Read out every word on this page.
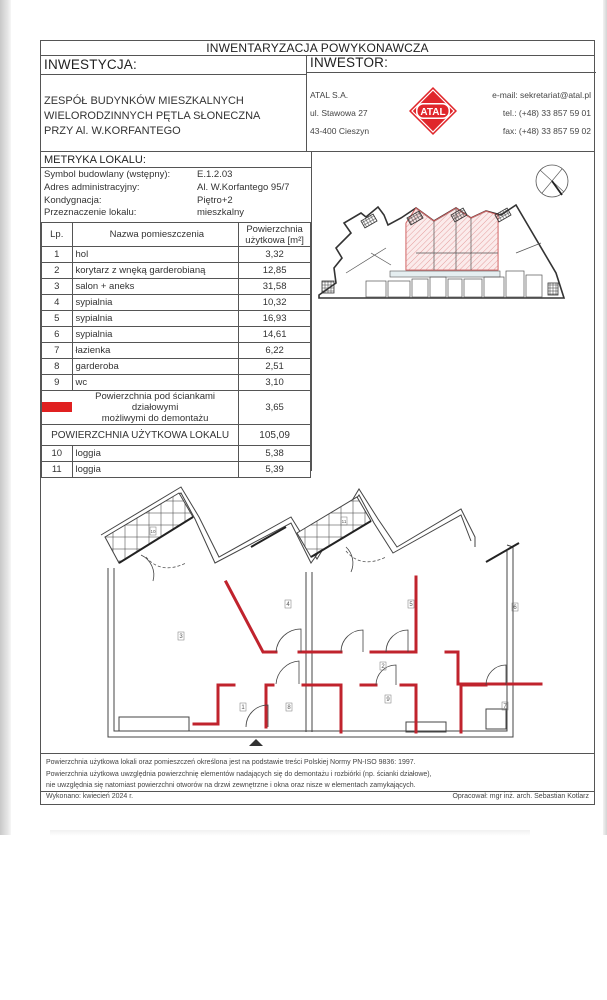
INWENTARYZACJA POWYKONAWCZA
INWESTYCJA:	INWESTOR:
ZESPÓŁ BUDYNKÓW MIESZKALNYCH
WIELORODZINNYCH PĘTLA SŁONECZNA
PRZY Al. W.KORFANTEGO
ATAL S.A.
ul. Stawowa 27
43-400 Cieszyn
ATAL
e-mail: sekretariat@atal.pl
tel.: (+48) 33 857 59 01
fax: (+48) 33 857 59 02
METRYKA LOKALU:
Symbol budowlany (wstępny):	E.1.2.03
Adres administracyjny:	Al. W.Korfantego 95/7
Kondygnacja:	Piętro+2
Przeznaczenie lokalu:	mieszkalny
Lp.	Nazwa pomieszczenia	Powierzchnia
użytkowa [m²]

1	hol	3,32
2	korytarz z wnęką garderobianą	12,85
3	salon + aneks	31,58
4	sypialnia	10,32
5	sypialnia	16,93
6	sypialnia	14,61
7	łazienka	6,22
8	garderoba	2,51
9	wc	3,10

	Powierzchnia pod ściankami działowymi
możliwymi do demontażu	3,65
POWIERZCHNIA UŻYTKOWA LOKALU		105,09
10	loggia	5,38
11	loggia	5,39
1
2
3
4	5	6
7
8
9
10
11
Powierzchnia użytkowa lokali oraz pomieszczeń określona jest na podstawie treści Polskiej Normy PN-ISO 9836: 1997.
Powierzchnia użytkowa uwzględnia powierzchnię elementów nadających się do demontażu i rozbiórki (np. ścianki działowe),
nie uwzględnia się natomiast powierzchni otworów na drzwi zewnętrzne i okna oraz nisze w elementach zamykających.
Wykonano: kwiecień 2024 r.	Opracował: mgr inż. arch. Sebastian Kotlarz
